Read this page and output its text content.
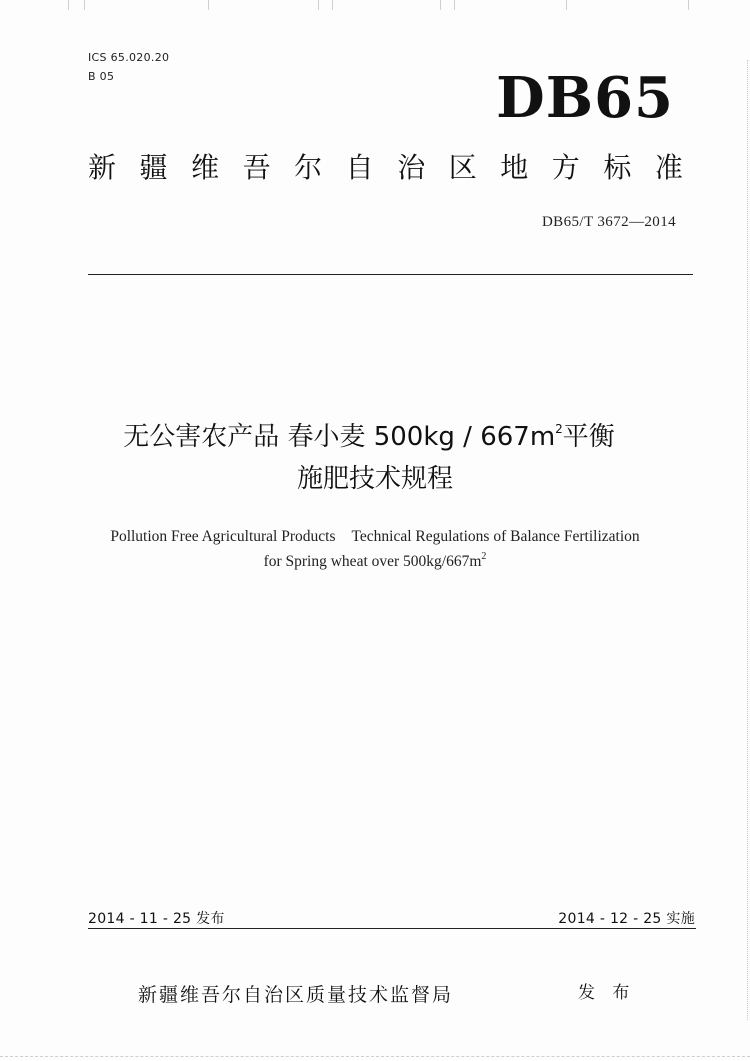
ICS 65.020.20
B 05	DB65
新 疆 维 吾 尔 自 治 区 地 方 标 准
DB65/T 3672—2014
无公害农产品 春小麦 $500kg / 667m^2$平衡
施肥技术规程
Pollution Free Agricultural Products Technical Regulations of Balance Fertilization
for Spring wheat over $500kg/667m^2$
2014 - 11 - 25 发布	2014 - 12 - 25 实施
新疆维吾尔自治区质量技术监督局	发 布
